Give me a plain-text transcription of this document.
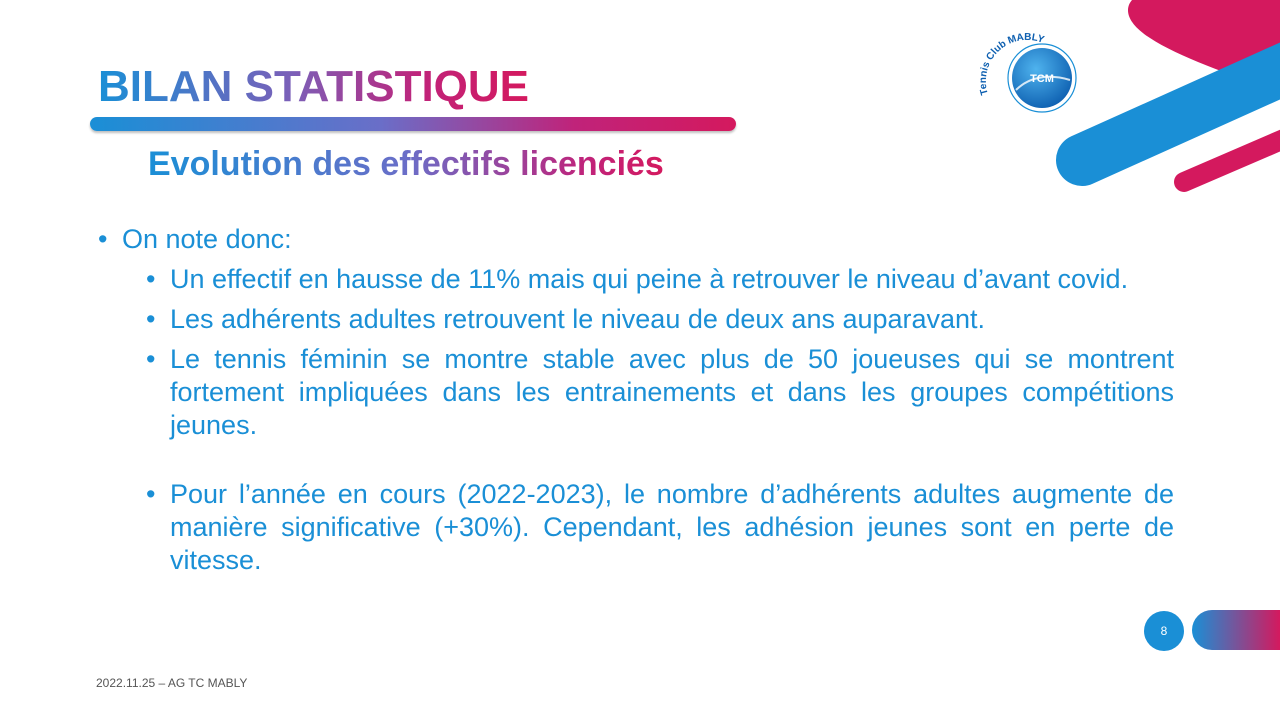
Tennis Club MABLY
TCM
BILAN STATISTIQUE
Evolution des effectifs licenciés
• On note donc:
• Un effectif en hausse de 11% mais qui peine à retrouver le niveau d’avant covid.
• Les adhérents adultes retrouvent le niveau de deux ans auparavant.
• Le tennis féminin se montre stable avec plus de 50 joueuses qui se montrent fortement impliquées dans les entrainements et dans les groupes compétitions jeunes.
• Pour l’année en cours (2022-2023), le nombre d’adhérents adultes augmente de manière significative (+30%). Cependant, les adhésion jeunes sont en perte de vitesse.
8
2022.11.25 – AG TC MABLY
